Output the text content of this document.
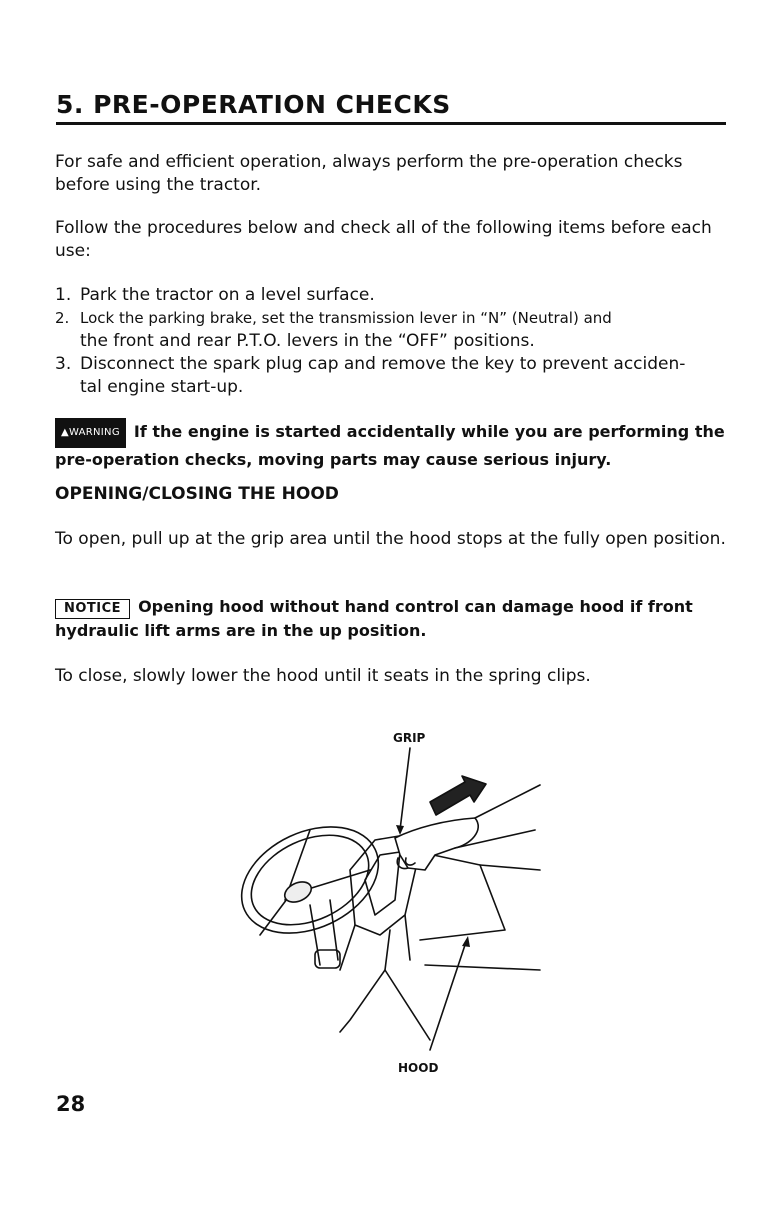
5. PRE-OPERATION CHECKS
For safe and efficient operation, always perform the pre-operation checks before using the tractor.
Follow the procedures below and check all of the following items before each use:
1. Park the tractor on a level surface.
2. Lock the parking brake, set the transmission lever in “N” (Neutral) and
the front and rear P.T.O. levers in the “OFF” positions.
3. Disconnect the spark plug cap and remove the key to prevent acciden-
tal engine start-up.
▲WARNING If the engine is started accidentally while you are performing the pre-operation checks, moving parts may cause serious injury.
OPENING/CLOSING THE HOOD
To open, pull up at the grip area until the hood stops at the fully open position.
NOTICE Opening hood without hand control can damage hood if front hydraulic lift arms are in the up position.
To close, slowly lower the hood until it seats in the spring clips.
GRIP
HOOD
28
